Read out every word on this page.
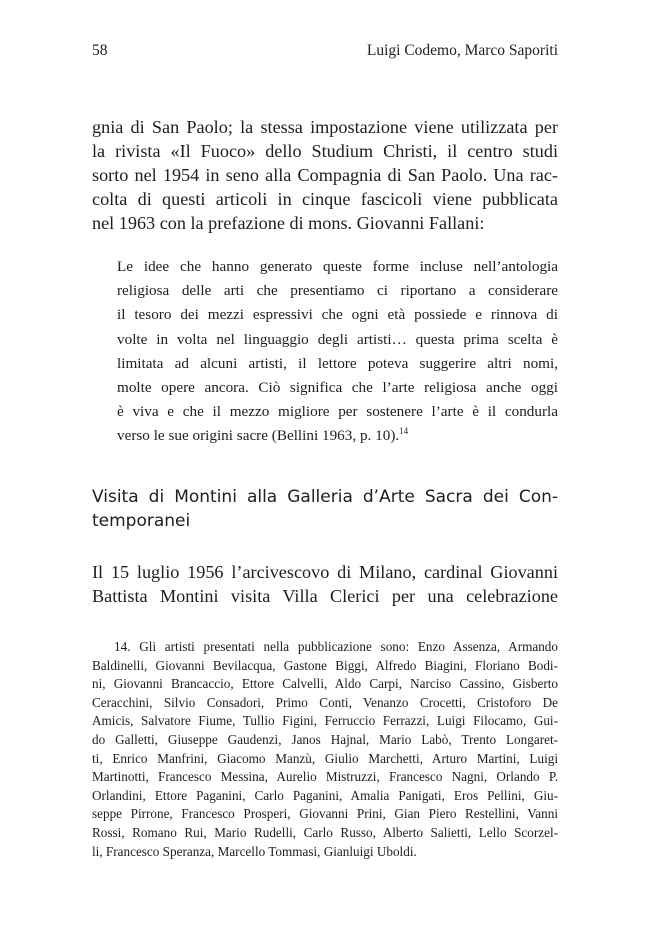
58	Luigi Codemo, Marco Saporiti
gnia di San Paolo; la stessa impostazione viene utilizzata per
la rivista «Il Fuoco» dello Studium Christi, il centro studi
sorto nel 1954 in seno alla Compagnia di San Paolo. Una rac-
colta di questi articoli in cinque fascicoli viene pubblicata
nel 1963 con la prefazione di mons. Giovanni Fallani:
Le idee che hanno generato queste forme incluse nell’antologia
religiosa delle arti che presentiamo ci riportano a considerare
il tesoro dei mezzi espressivi che ogni età possiede e rinnova di
volte in volta nel linguaggio degli artisti… questa prima scelta è
limitata ad alcuni artisti, il lettore poteva suggerire altri nomi,
molte opere ancora. Ciò significa che l’arte religiosa anche oggi
è viva e che il mezzo migliore per sostenere l’arte è il condurla
verso le sue origini sacre (Bellini 1963, p. 10).$^{14}$
Visita di Montini alla Galleria d’Arte Sacra dei Con-
temporanei
Il 15 luglio 1956 l’arcivescovo di Milano, cardinal Giovanni
Battista Montini visita Villa Clerici per una celebrazione
14. Gli artisti presentati nella pubblicazione sono: Enzo Assenza, Armando
Baldinelli, Giovanni Bevilacqua, Gastone Biggi, Alfredo Biagini, Floriano Bodi-
ni, Giovanni Brancaccio, Ettore Calvelli, Aldo Carpi, Narciso Cassino, Gisberto
Ceracchini, Silvio Consadori, Primo Conti, Venanzo Crocetti, Cristoforo De
Amicis, Salvatore Fiume, Tullio Figini, Ferruccio Ferrazzi, Luigi Filocamo, Gui-
do Galletti, Giuseppe Gaudenzi, Janos Hajnal, Mario Labò, Trento Longaret-
ti, Enrico Manfrini, Giacomo Manzù, Giulio Marchetti, Arturo Martini, Luigi
Martinotti, Francesco Messina, Aurelio Mistruzzi, Francesco Nagni, Orlando P.
Orlandini, Ettore Paganini, Carlo Paganini, Amalia Panigati, Eros Pellini, Giu-
seppe Pirrone, Francesco Prosperi, Giovanni Prini, Gian Piero Restellini, Vanni
Rossi, Romano Rui, Mario Rudelli, Carlo Russo, Alberto Salietti, Lello Scorzel-
li, Francesco Speranza, Marcello Tommasi, Gianluigi Uboldi.
